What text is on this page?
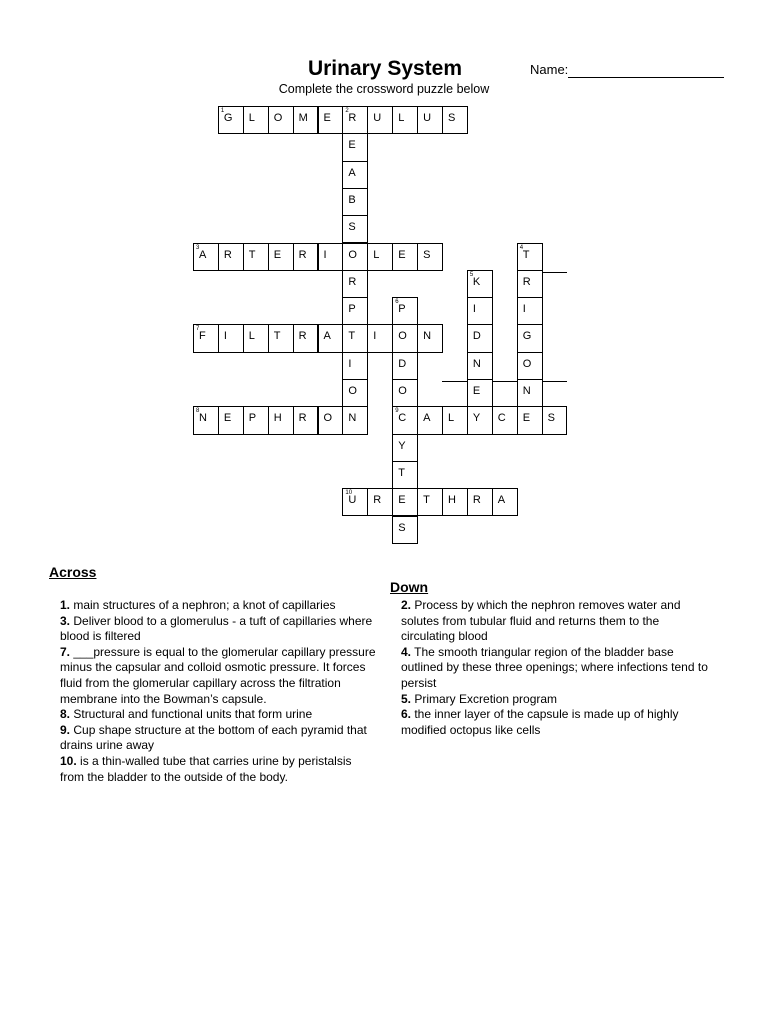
Urinary System	Name:
Complete the crossword puzzle below
1
G L O M E
2
R U L U S
E
A
B
S
3
A R T E R I O L E S
4
T
R
I
G
O
N
R
P
5
K
I
6
P
7
F I L T R A T I O N	D
I	D	N
O	O	E
8
N E P H R O N
9
C A L Y C E S
Y
T
10
U R E T H R A
S
Across
1. main structures of a nephron; a knot of capillaries
3. Deliver blood to a glomerulus - a tuft of capillaries where blood is filtered
7. ___pressure is equal to the glomerular capillary pressure minus the capsular and colloid osmotic pressure. It forces fluid from the glomerular capillary across the filtration membrane into the Bowman’s capsule.
8. Structural and functional units that form urine
9. Cup shape structure at the bottom of each pyramid that drains urine away
10. is a thin-walled tube that carries urine by peristalsis from the bladder to the outside of the body.
Down
2. Process by which the nephron removes water and solutes from tubular fluid and returns them to the circulating blood
4. The smooth triangular region of the bladder base outlined by these three openings; where infections tend to persist
5. Primary Excretion program
6. the inner layer of the capsule is made up of highly modified octopus like cells
